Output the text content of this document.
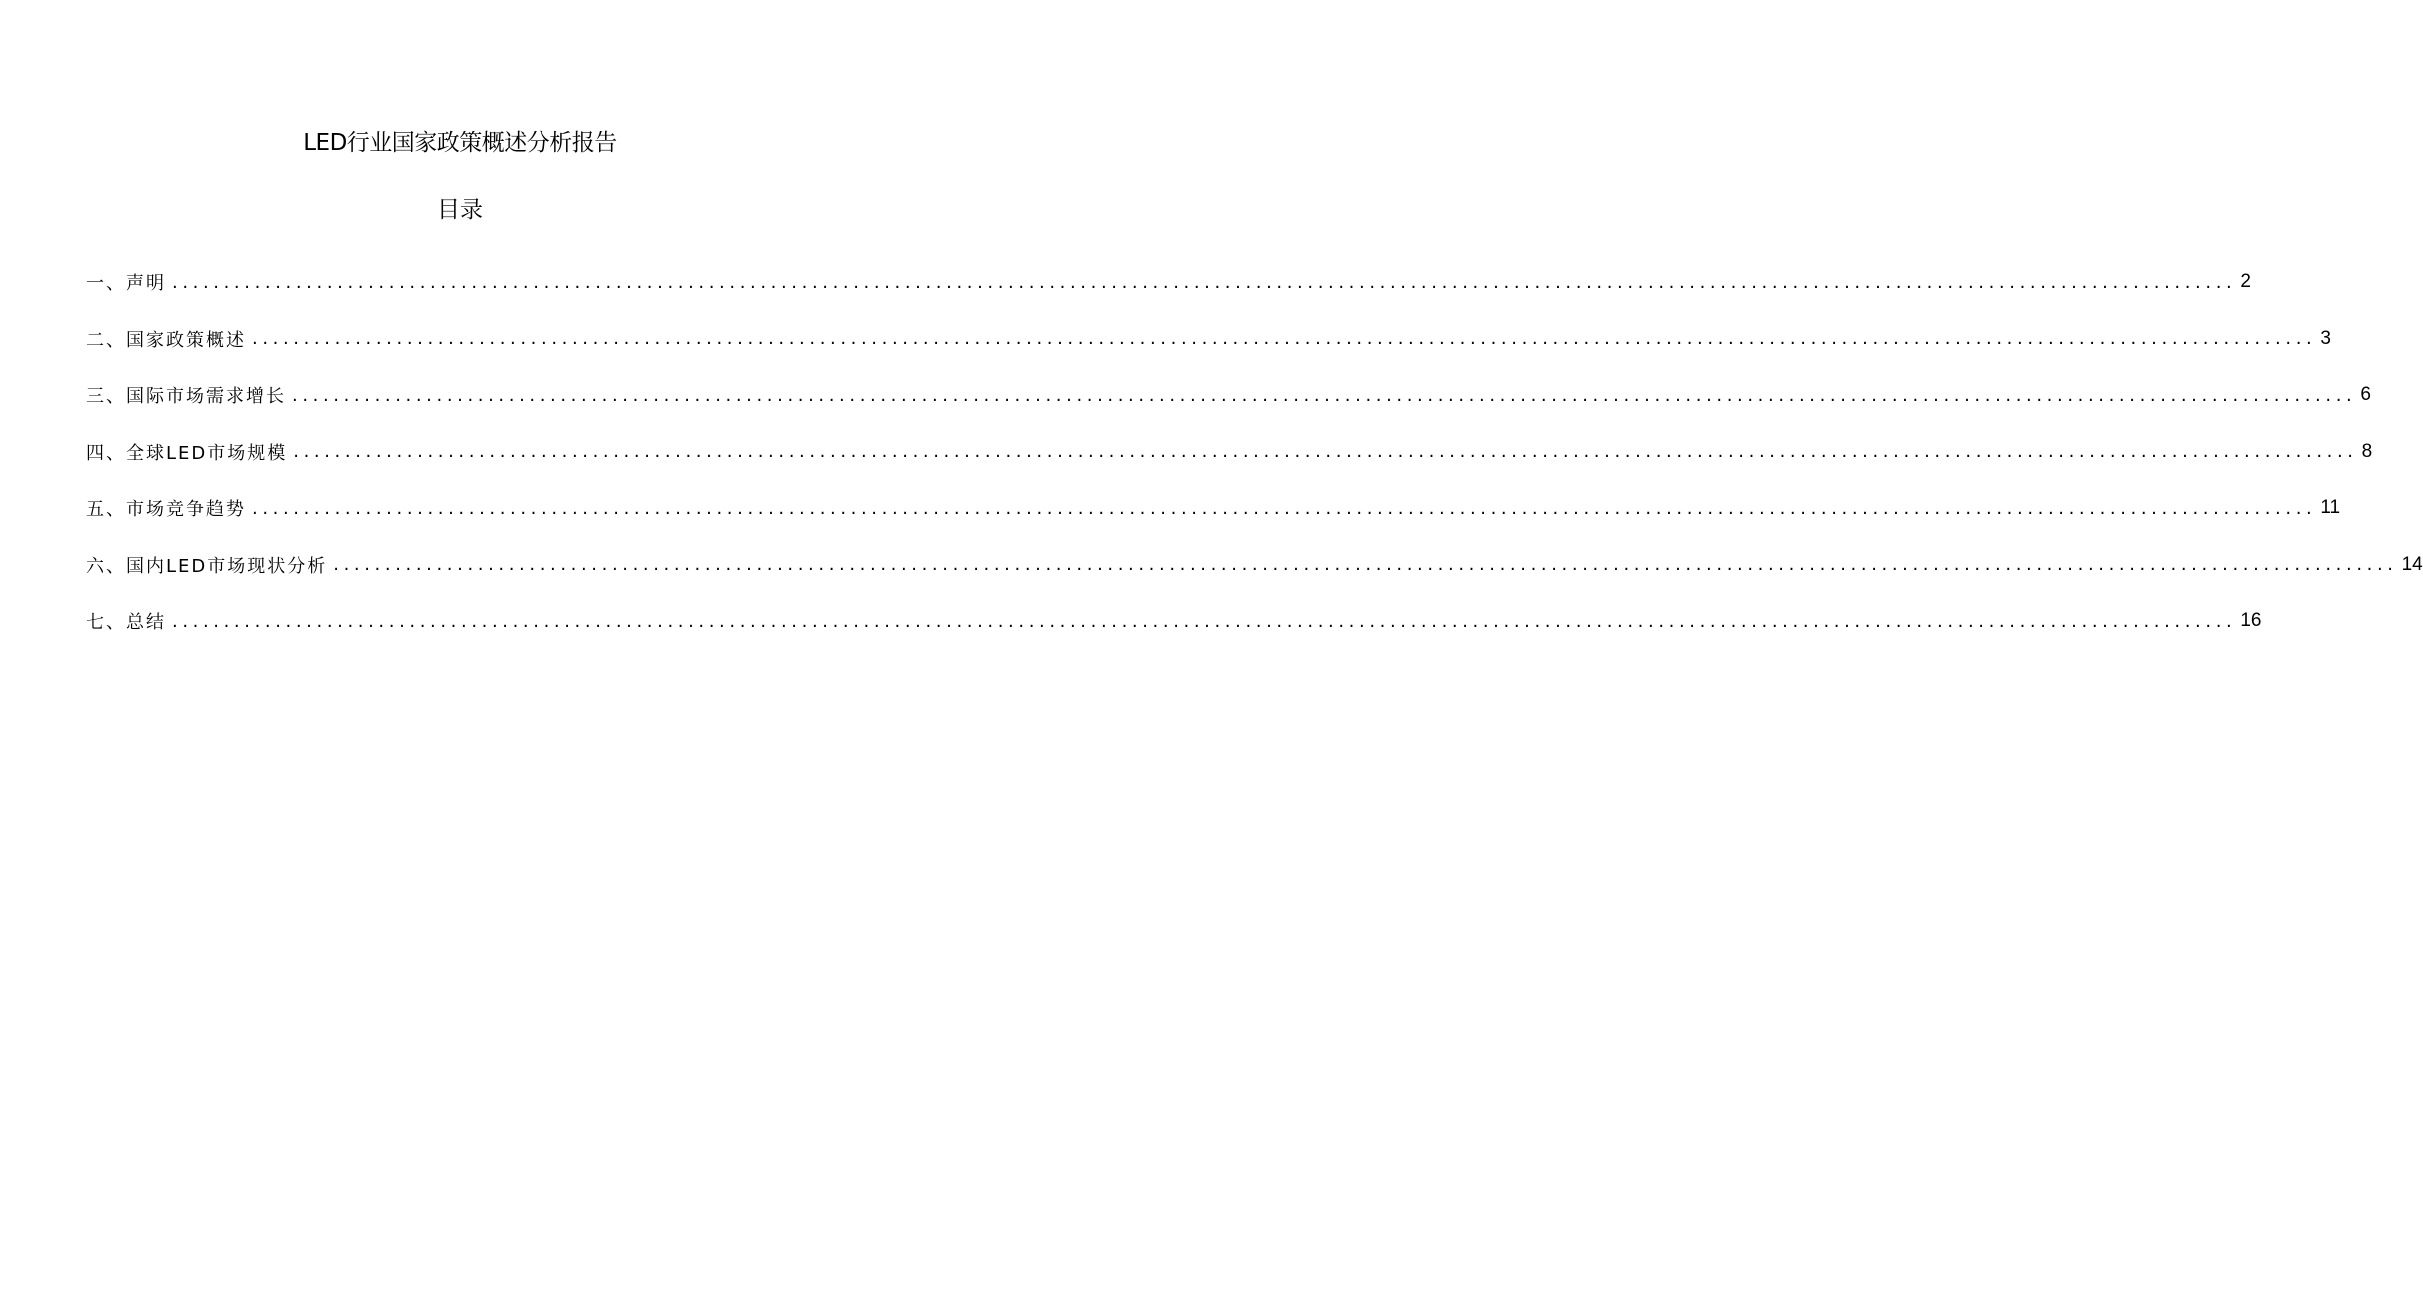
LED行业国家政策概述分析报告
目录
一、 声明 ........................................................................................................................................................................................................ 2
二、 国家政策概述 ........................................................................................................................................................................................................ 3
三、 国际市场需求增长 ........................................................................................................................................................................................................ 6
四、 全球LED市场规模 ........................................................................................................................................................................................................ 8
五、 市场竞争趋势 ........................................................................................................................................................................................................ 11
六、 国内LED市场现状分析 ........................................................................................................................................................................................................ 14
七、 总结 ........................................................................................................................................................................................................ 16
